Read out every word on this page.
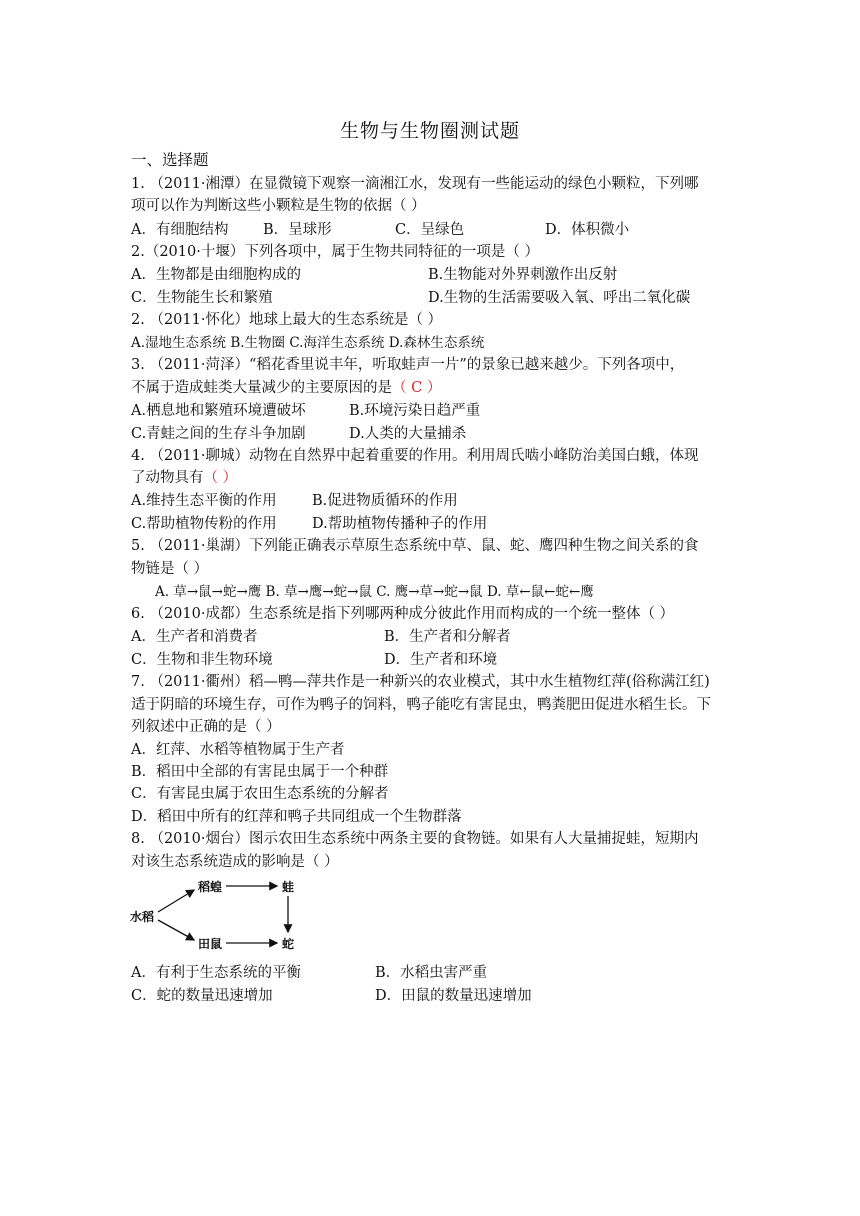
生物与生物圈测试题
一、选择题
1. （2011·湘潭）在显微镜下观察一滴湘江水，发现有一些能运动的绿色小颗粒，下列哪
项可以作为判断这些小颗粒是生物的依据（ ）
A．有细胞结构 B．呈球形	C．呈绿色	D．体积微小
2.（2010·十堰）下列各项中，属于生物共同特征的一项是（ ）
A．生物都是由细胞构成的	B.生物能对外界刺激作出反射
C．生物能生长和繁殖	D.生物的生活需要吸入氧、呼出二氧化碳
2. （2011·怀化）地球上最大的生态系统是（ ）
A.湿地生态系统 B.生物圈 C.海洋生态系统 D.森林生态系统
3. （2011·菏泽）“稻花香里说丰年，听取蛙声一片”的景象已越来越少。下列各项中，
不属于造成蛙类大量减少的主要原因的是（ C ）
A.栖息地和繁殖环境遭破坏	B.环境污染日趋严重
C.青蛙之间的生存斗争加剧	D.人类的大量捕杀
4. （2011·聊城）动物在自然界中起着重要的作用。利用周氏啮小峰防治美国白蛾，体现
了动物具有（ ）
A.维持生态平衡的作用 B.促进物质循环的作用
C.帮助植物传粉的作用 D.帮助植物传播种子的作用
5. （2011·巢湖）下列能正确表示草原生态系统中草、鼠、蛇、鹰四种生物之间关系的食
物链是（ ）
A. 草→鼠→蛇→鹰 B. 草→鹰→蛇→鼠 C. 鹰→草→蛇→鼠 D. 草←鼠←蛇←鹰
6. （2010·成都）生态系统是指下列哪两种成分彼此作用而构成的一个统一整体（ ）
A．生产者和消费者	B．生产者和分解者
C．生物和非生物环境	D．生产者和环境
7. （2011·衢州）稻—鸭—萍共作是一种新兴的农业模式，其中水生植物红萍(俗称满江红)
适于阴暗的环境生存，可作为鸭子的饲料，鸭子能吃有害昆虫，鸭粪肥田促进水稻生长。下
列叙述中正确的是（ ）
A．红萍、水稻等植物属于生产者
B．稻田中全部的有害昆虫属于一个种群
C．有害昆虫属于农田生态系统的分解者
D．稻田中所有的红萍和鸭子共同组成一个生物群落
8. （2010·烟台）图示农田生态系统中两条主要的食物链。如果有人大量捕捉蛙，短期内
对该生态系统造成的影响是（ ）
水稻
稻蝗	蛙
田鼠	蛇
A．有利于生态系统的平衡	B．水稻虫害严重
C．蛇的数量迅速增加	D．田鼠的数量迅速增加
